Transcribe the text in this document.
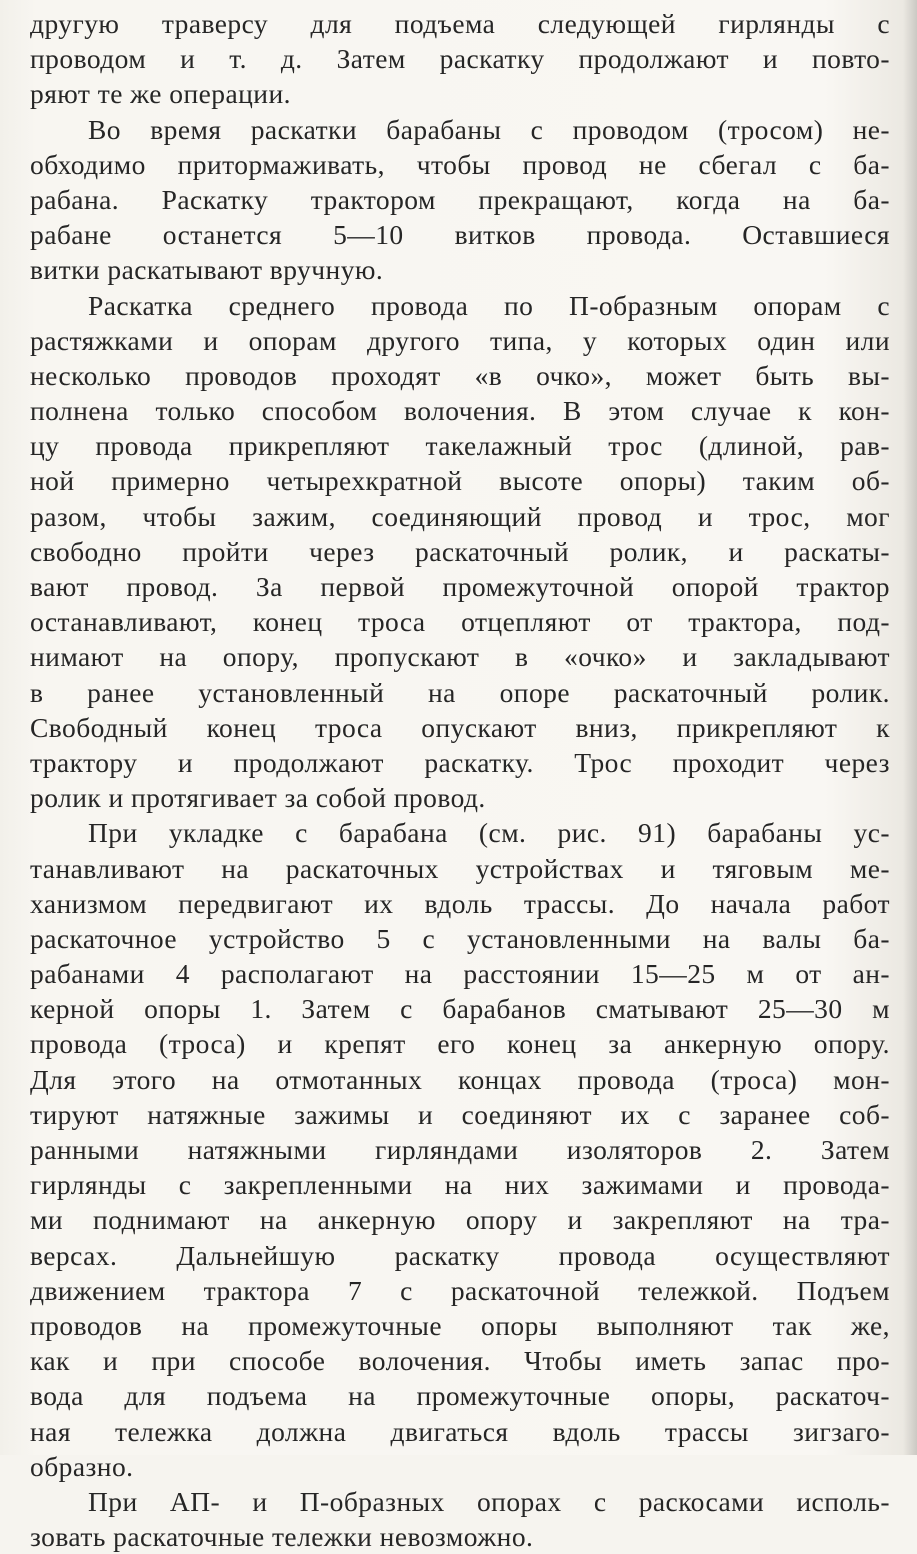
другую траверсу для подъема следующей гирлянды с
проводом и т. д. Затем раскатку продолжают и повто-
ряют те же операции.
Во время раскатки барабаны с проводом (тросом) не-
обходимо притормаживать, чтобы провод не сбегал с ба-
рабана. Раскатку трактором прекращают, когда на ба-
рабане останется 5—10 витков провода. Оставшиеся
витки раскатывают вручную.
Раскатка среднего провода по П-образным опорам с
растяжками и опорам другого типа, у которых один или
несколько проводов проходят «в очко», может быть вы-
полнена только способом волочения. В этом случае к кон-
цу провода прикрепляют такелажный трос (длиной, рав-
ной примерно четырехкратной высоте опоры) таким об-
разом, чтобы зажим, соединяющий провод и трос, мог
свободно пройти через раскаточный ролик, и раскаты-
вают провод. За первой промежуточной опорой трактор
останавливают, конец троса отцепляют от трактора, под-
нимают на опору, пропускают в «очко» и закладывают
в ранее установленный на опоре раскаточный ролик.
Свободный конец троса опускают вниз, прикрепляют к
трактору и продолжают раскатку. Трос проходит через
ролик и протягивает за собой провод.
При укладке с барабана (см. рис. 91) барабаны ус-
танавливают на раскаточных устройствах и тяговым ме-
ханизмом передвигают их вдоль трассы. До начала работ
раскаточное устройство 5 с установленными на валы ба-
рабанами 4 располагают на расстоянии 15—25 м от ан-
керной опоры 1. Затем с барабанов сматывают 25—30 м
провода (троса) и крепят его конец за анкерную опору.
Для этого на отмотанных концах провода (троса) мон-
тируют натяжные зажимы и соединяют их с заранее соб-
ранными натяжными гирляндами изоляторов 2. Затем
гирлянды с закрепленными на них зажимами и провода-
ми поднимают на анкерную опору и закрепляют на тра-
версах. Дальнейшую раскатку провода осуществляют
движением трактора 7 с раскаточной тележкой. Подъем
проводов на промежуточные опоры выполняют так же,
как и при способе волочения. Чтобы иметь запас про-
вода для подъема на промежуточные опоры, раскаточ-
ная тележка должна двигаться вдоль трассы зигзаго-
образно.
При АП- и П-образных опорах с раскосами исполь-
зовать раскаточные тележки невозможно.
